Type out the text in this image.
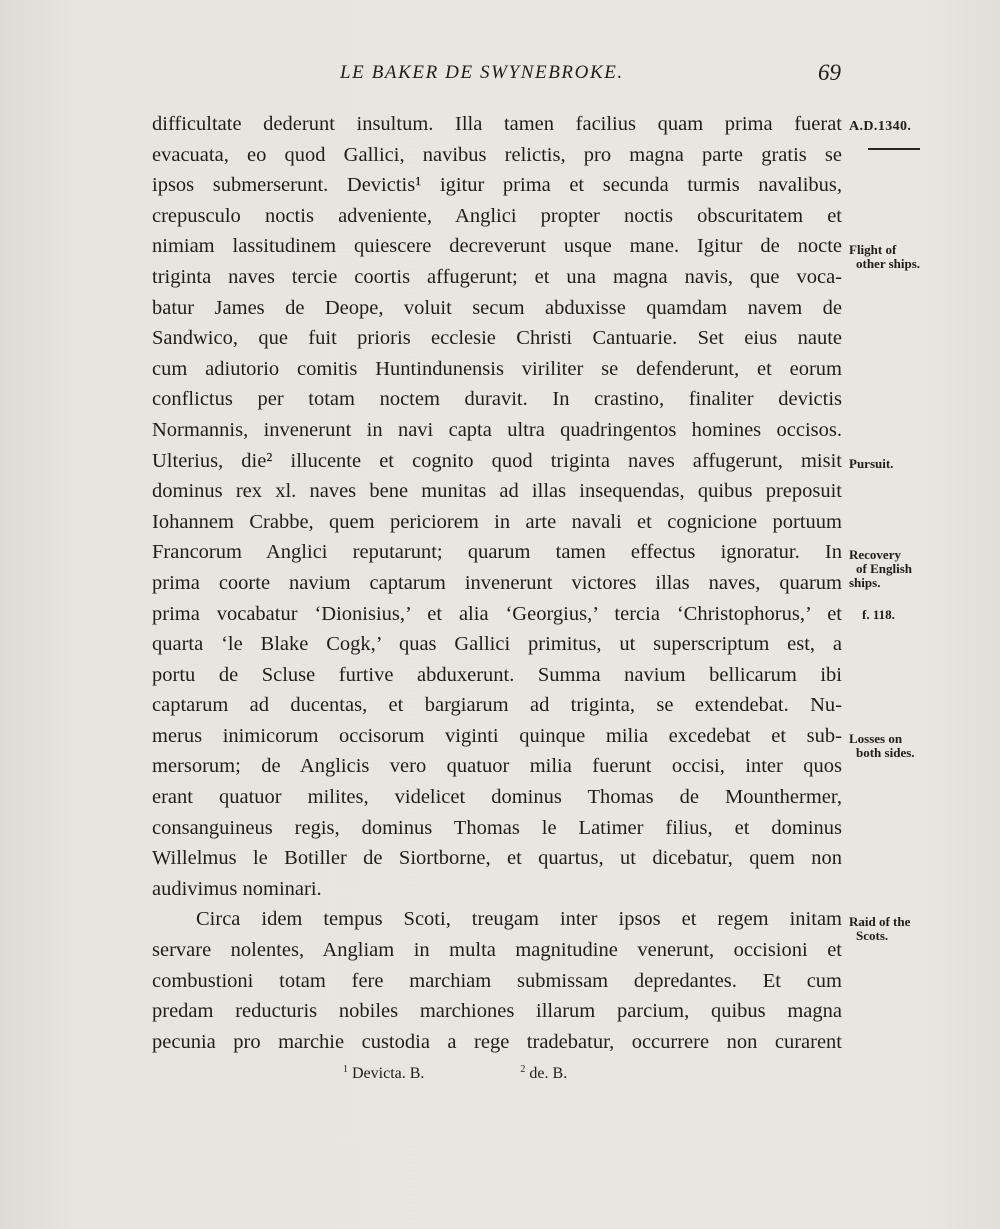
LE BAKER DE SWYNEBROKE.	69
difficultate dederunt insultum. Illa tamen facilius quam prima fuerat
evacuata, eo quod Gallici, navibus relictis, pro magna parte gratis se
ipsos submerserunt. Devictis¹ igitur prima et secunda turmis navalibus,
crepusculo noctis adveniente, Anglici propter noctis obscuritatem et
nimiam lassitudinem quiescere decreverunt usque mane. Igitur de nocte
triginta naves tercie coortis affugerunt; et una magna navis, que voca-
batur James de Deope, voluit secum abduxisse quamdam navem de
Sandwico, que fuit prioris ecclesie Christi Cantuarie. Set eius naute
cum adiutorio comitis Huntindunensis viriliter se defenderunt, et eorum
conflictus per totam noctem duravit. In crastino, finaliter devictis
Normannis, invenerunt in navi capta ultra quadringentos homines occisos.
Ulterius, die² illucente et cognito quod triginta naves affugerunt, misit
dominus rex xl. naves bene munitas ad illas insequendas, quibus preposuit
Iohannem Crabbe, quem periciorem in arte navali et cognicione portuum
Francorum Anglici reputarunt; quarum tamen effectus ignoratur. In
prima coorte navium captarum invenerunt victores illas naves, quarum
prima vocabatur ‘Dionisius,’ et alia ‘Georgius,’ tercia ‘Christophorus,’ et
quarta ‘le Blake Cogk,’ quas Gallici primitus, ut superscriptum est, a
portu de Scluse furtive abduxerunt. Summa navium bellicarum ibi
captarum ad ducentas, et bargiarum ad triginta, se extendebat. Nu-
merus inimicorum occisorum viginti quinque milia excedebat et sub-
mersorum; de Anglicis vero quatuor milia fuerunt occisi, inter quos
erant quatuor milites, videlicet dominus Thomas de Mounthermer,
consanguineus regis, dominus Thomas le Latimer filius, et dominus
Willelmus le Botiller de Siortborne, et quartus, ut dicebatur, quem non
audivimus nominari.
Circa idem tempus Scoti, treugam inter ipsos et regem initam
servare nolentes, Angliam in multa magnitudine venerunt, occisioni et
combustioni totam fere marchiam submissam depredantes. Et cum
predam reducturis nobiles marchiones illarum parcium, quibus magna
pecunia pro marchie custodia a rege tradebatur, occurrere non curarent
A.D.1340.
Flight of
other ships.
Pursuit.
Recovery
of English
ships.
f. 118.
Losses on
both sides.
Raid of the
Scots.
$^1$ Devicta. B.	$^2$ de. B.
